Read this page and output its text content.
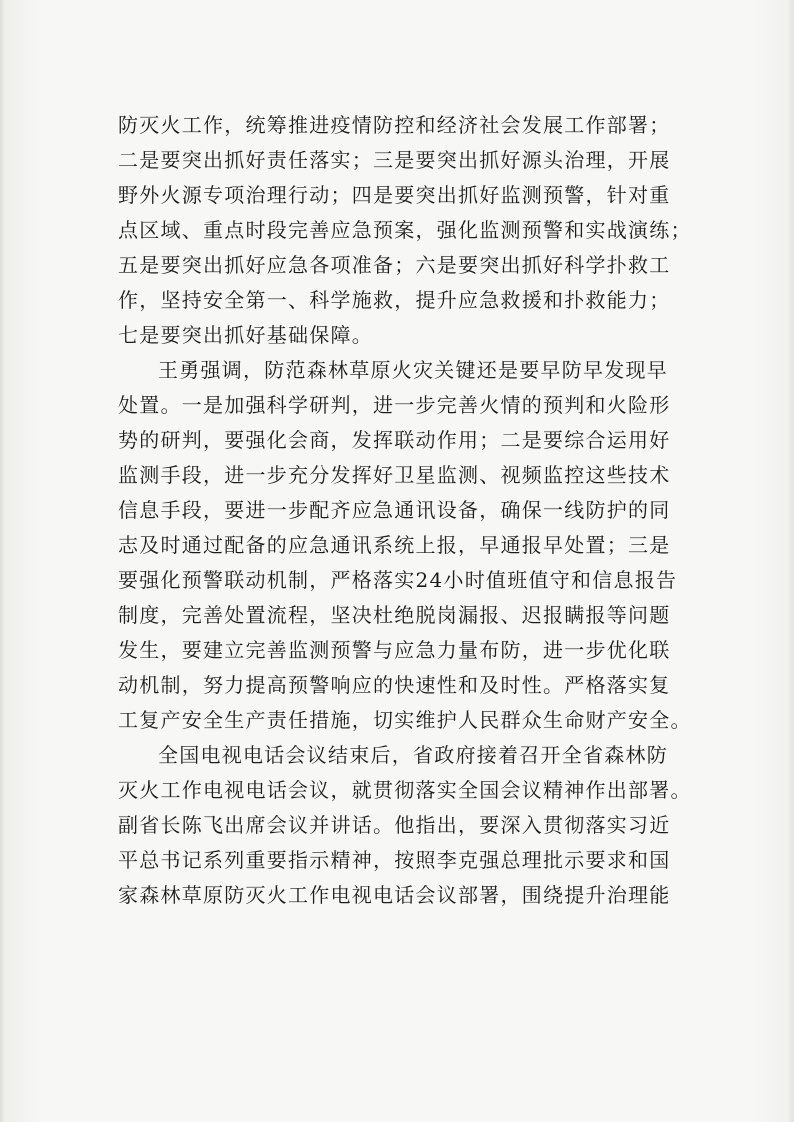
防灭火工作，统筹推进疫情防控和经济社会发展工作部署；
二是要突出抓好责任落实；三是要突出抓好源头治理，开展
野外火源专项治理行动；四是要突出抓好监测预警，针对重
点区域、重点时段完善应急预案，强化监测预警和实战演练；
五是要突出抓好应急各项准备；六是要突出抓好科学扑救工
作，坚持安全第一、科学施救，提升应急救援和扑救能力；
七是要突出抓好基础保障。
王勇强调，防范森林草原火灾关键还是要早防早发现早
处置。一是加强科学研判，进一步完善火情的预判和火险形
势的研判，要强化会商，发挥联动作用；二是要综合运用好
监测手段，进一步充分发挥好卫星监测、视频监控这些技术
信息手段，要进一步配齐应急通讯设备，确保一线防护的同
志及时通过配备的应急通讯系统上报，早通报早处置；三是
要强化预警联动机制，严格落实24小时值班值守和信息报告
制度，完善处置流程，坚决杜绝脱岗漏报、迟报瞒报等问题
发生，要建立完善监测预警与应急力量布防，进一步优化联
动机制，努力提高预警响应的快速性和及时性。严格落实复
工复产安全生产责任措施，切实维护人民群众生命财产安全。
全国电视电话会议结束后，省政府接着召开全省森林防
灭火工作电视电话会议，就贯彻落实全国会议精神作出部署。
副省长陈飞出席会议并讲话。他指出，要深入贯彻落实习近
平总书记系列重要指示精神，按照李克强总理批示要求和国
家森林草原防灭火工作电视电话会议部署，围绕提升治理能
